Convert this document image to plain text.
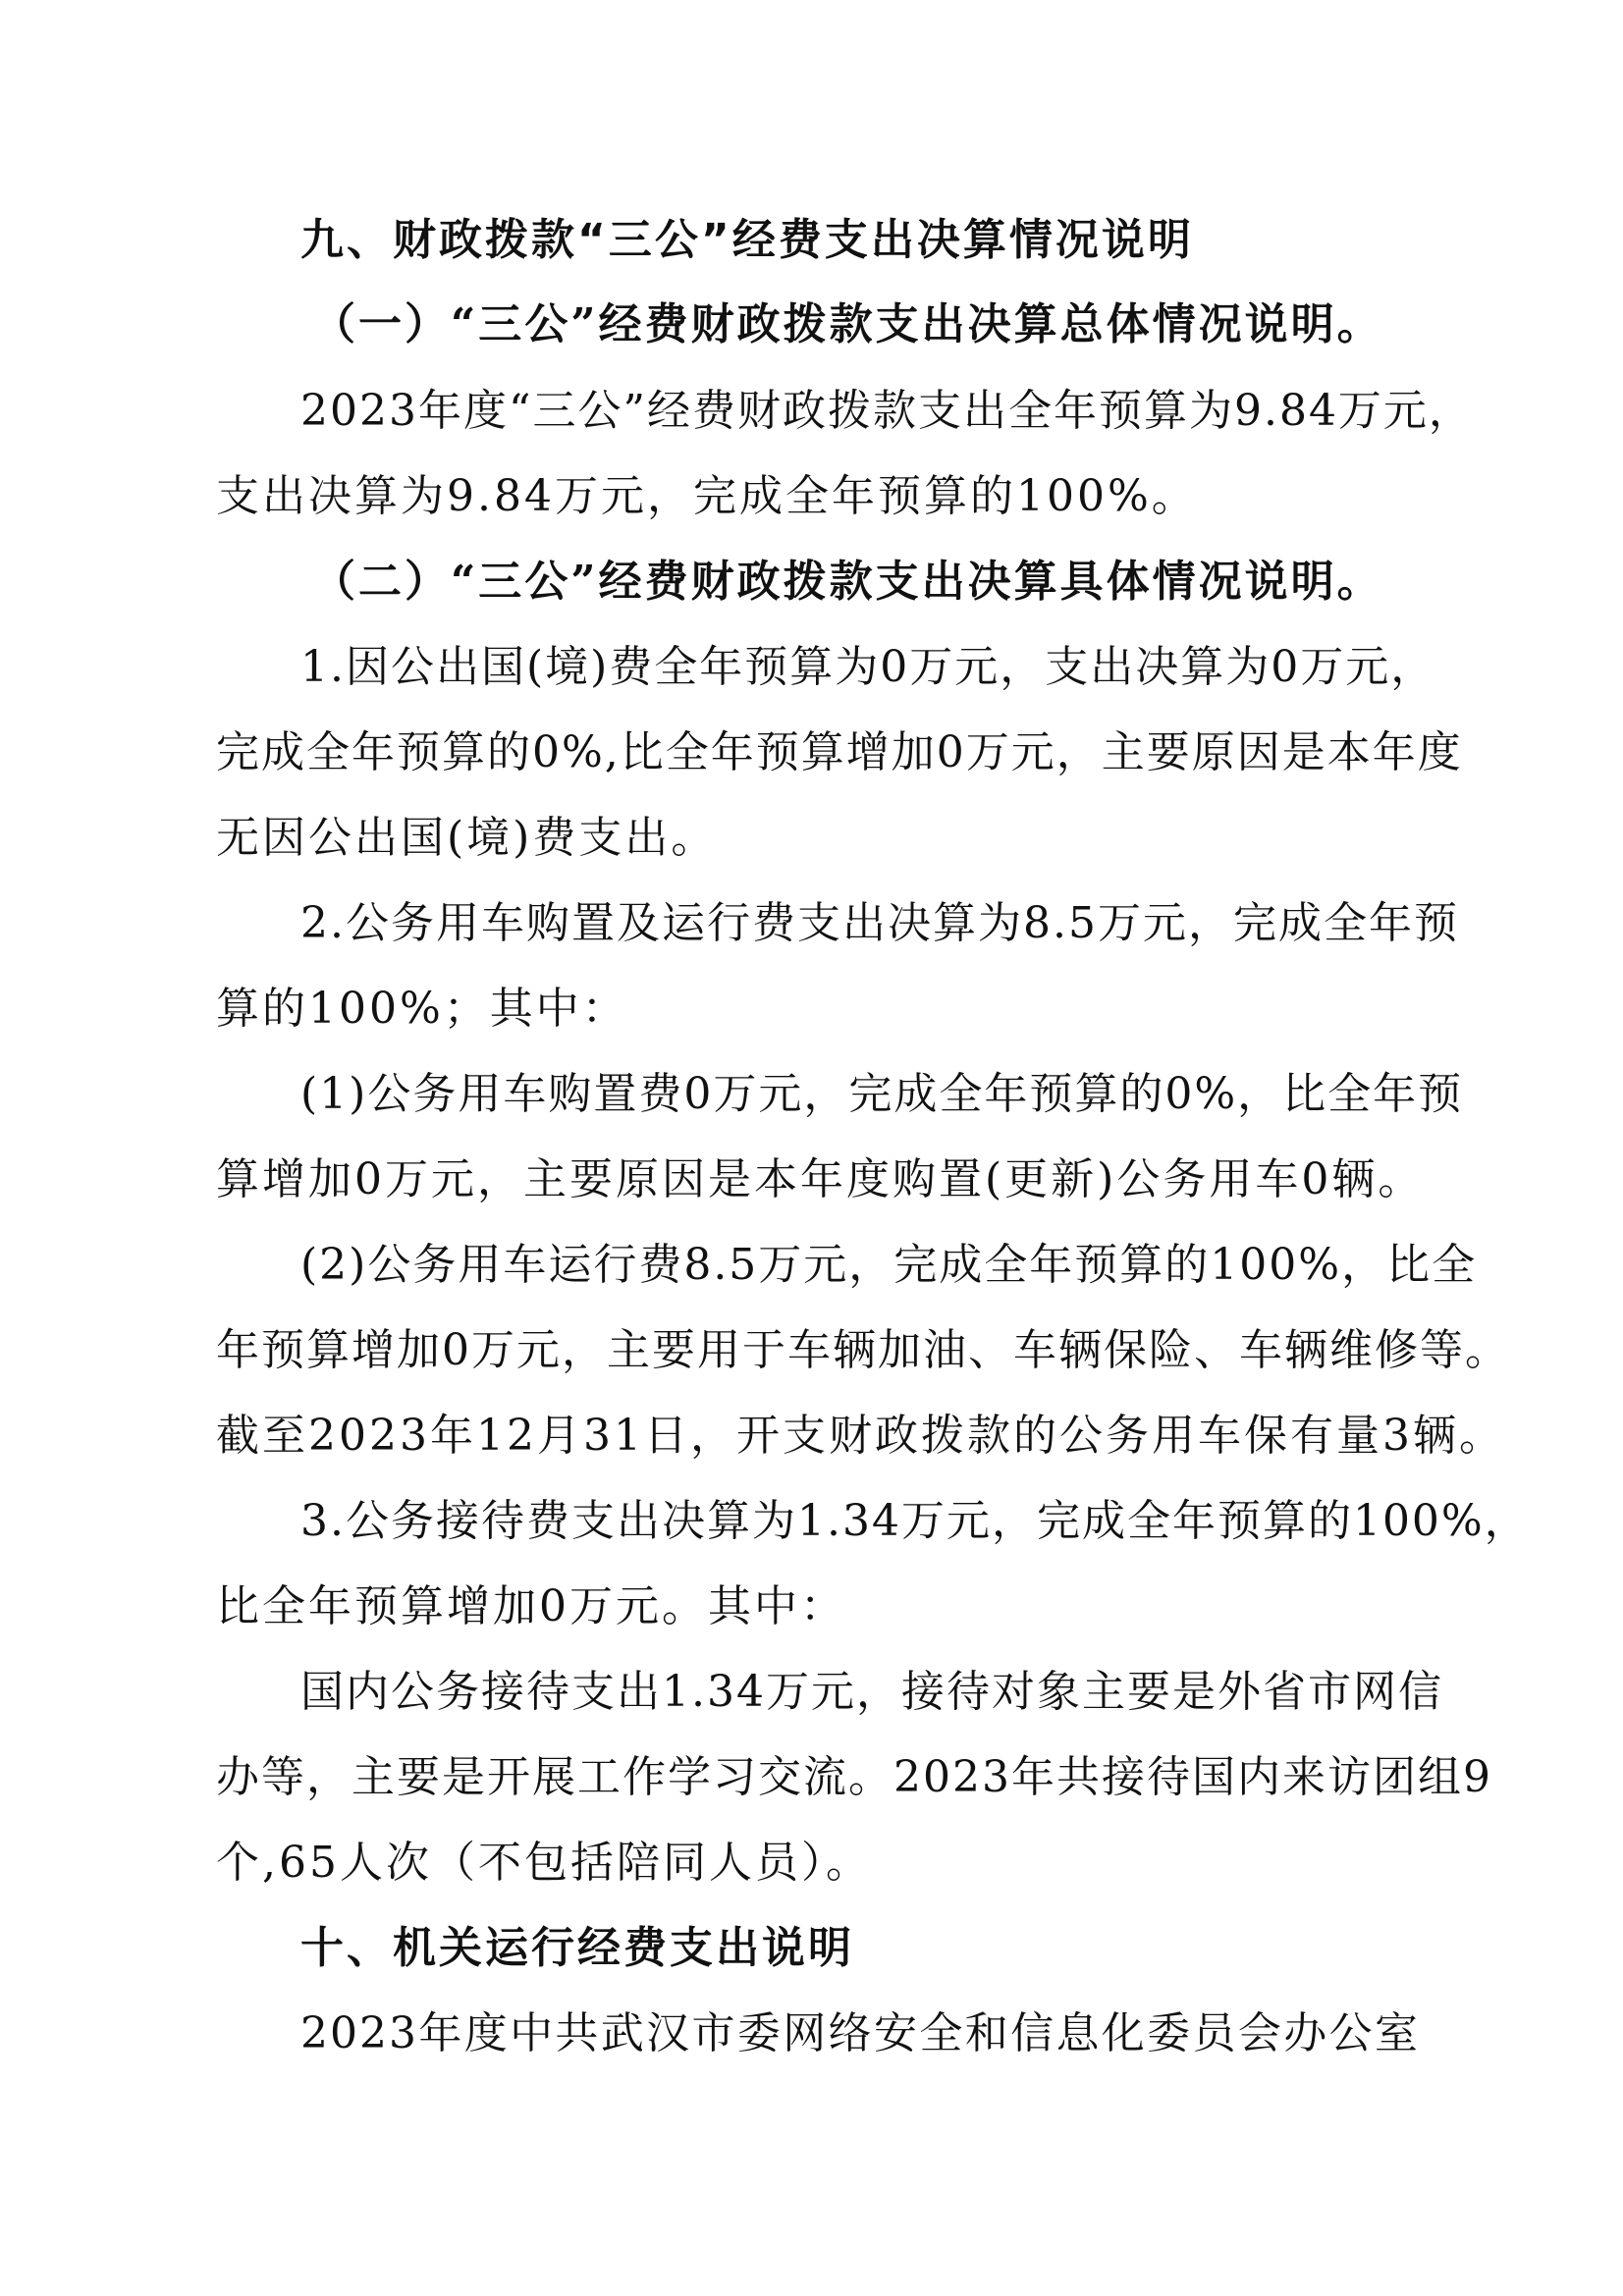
九、财政拨款“三公”经费支出决算情况说明
（一）“三公”经费财政拨款支出决算总体情况说明。
2023年度“三公”经费财政拨款支出全年预算为9.84万元，
支出决算为9.84万元，完成全年预算的100%。
（二）“三公”经费财政拨款支出决算具体情况说明。
1.因公出国(境)费全年预算为0万元，支出决算为0万元，
完成全年预算的0%,比全年预算增加0万元，主要原因是本年度
无因公出国(境)费支出。
2.公务用车购置及运行费支出决算为8.5万元，完成全年预
算的100%；其中：
(1)公务用车购置费0万元，完成全年预算的0%，比全年预
算增加0万元，主要原因是本年度购置(更新)公务用车0辆。
(2)公务用车运行费8.5万元，完成全年预算的100%，比全
年预算增加0万元，主要用于车辆加油、车辆保险、车辆维修等。
截至2023年12月31日，开支财政拨款的公务用车保有量3辆。
3.公务接待费支出决算为1.34万元，完成全年预算的100%，
比全年预算增加0万元。其中：
国内公务接待支出1.34万元，接待对象主要是外省市网信
办等，主要是开展工作学习交流。2023年共接待国内来访团组9
个,65人次（不包括陪同人员）。
十、机关运行经费支出说明
2023年度中共武汉市委网络安全和信息化委员会办公室
